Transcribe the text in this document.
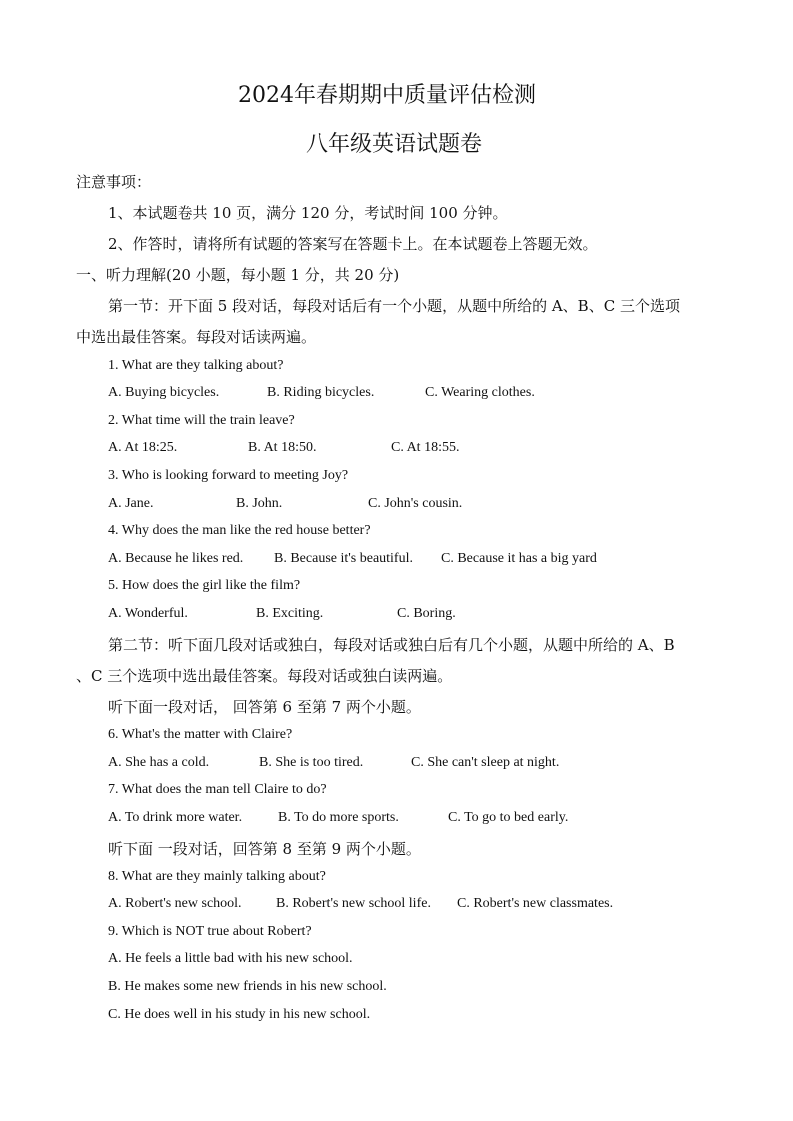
2024年春期期中质量评估检测
八年级英语试题卷
注意事项：
1、本试题卷共 10 页，满分 120 分，考试时间 100 分钟。
2、作答时，请将所有试题的答案写在答题卡上。在本试题卷上答题无效。
一、听力理解(20 小题，每小题 1 分，共 20 分)
第一节：开下面 5 段对话，每段对话后有一个小题，从题中所给的 A、B、C 三个选项
中选出最佳答案。每段对话读两遍。
1. What are they talking about?
A. Buying bicycles.	B. Riding bicycles.	C. Wearing clothes.
2. What time will the train leave?
A. At 18:25.	B. At 18:50.	C. At 18:55.
3. Who is looking forward to meeting Joy?
A. Jane.	B. John.	C. John's cousin.
4. Why does the man like the red house better?
A. Because he likes red. B. Because it's beautiful. C. Because it has a big yard
5. How does the girl like the film?
A. Wonderful.	B. Exciting.	C. Boring.
第二节：听下面几段对话或独白，每段对话或独白后有几个小题，从题中所给的 A、B
、C 三个选项中选出最佳答案。每段对话或独白读两遍。
听下面一段对话， 回答第 6 至第 7 两个小题。
6. What's the matter with Claire?
A. She has a cold.	B. She is too tired.	C. She can't sleep at night.
7. What does the man tell Claire to do?
A. To drink more water.	B. To do more sports.	C. To go to bed early.
听下面 一段对话，回答第 8 至第 9 两个小题。
8. What are they mainly talking about?
A. Robert's new school. B. Robert's new school life. C. Robert's new classmates.
9. Which is NOT true about Robert?
A. He feels a little bad with his new school.
B. He makes some new friends in his new school.
C. He does well in his study in his new school.
